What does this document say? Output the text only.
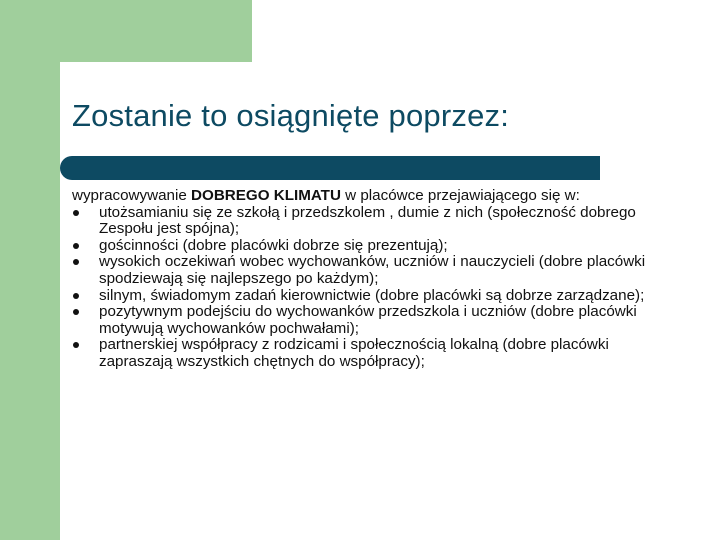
Zostanie to osiągnięte poprzez:

wypracowywanie DOBREGO KLIMATU w placówce przejawiającego się w:

utożsamianiu się ze szkołą i przedszkolem , dumie z nich (społeczność dobrego Zespołu jest spójna);
gościnności (dobre placówki dobrze się prezentują);
wysokich oczekiwań wobec wychowanków, uczniów i nauczycieli (dobre placówki spodziewają się najlepszego po każdym);
silnym, świadomym zadań kierownictwie (dobre placówki są dobrze zarządzane);
pozytywnym podejściu do wychowanków przedszkola i uczniów (dobre placówki motywują wychowanków pochwałami);
partnerskiej współpracy z rodzicami i społecznością lokalną (dobre placówki zapraszają wszystkich chętnych do współpracy);
